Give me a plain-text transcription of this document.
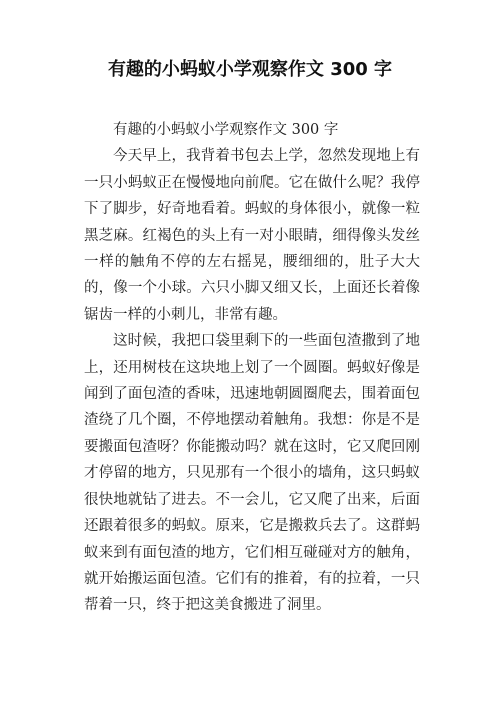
有趣的小蚂蚁小学观察作文 300 字

有趣的小蚂蚁小学观察作文 300 字

今天早上，我背着书包去上学，忽然发现地上有一只小蚂蚁正在慢慢地向前爬。它在做什么呢？我停下了脚步，好奇地看着。蚂蚁的身体很小，就像一粒黑芝麻。红褐色的头上有一对小眼睛，细得像头发丝一样的触角不停的左右摇晃，腰细细的，肚子大大的，像一个小球。六只小脚又细又长，上面还长着像锯齿一样的小刺儿，非常有趣。

这时候，我把口袋里剩下的一些面包渣撒到了地上，还用树枝在这块地上划了一个圆圈。蚂蚁好像是闻到了面包渣的香味，迅速地朝圆圈爬去，围着面包渣绕了几个圈，不停地摆动着触角。我想：你是不是要搬面包渣呀？你能搬动吗？就在这时，它又爬回刚才停留的地方，只见那有一个很小的墙角，这只蚂蚁很快地就钻了进去。不一会儿，它又爬了出来，后面还跟着很多的蚂蚁。原来，它是搬救兵去了。这群蚂蚁来到有面包渣的地方，它们相互碰碰对方的触角，就开始搬运面包渣。它们有的推着，有的拉着，一只帮着一只，终于把这美食搬进了洞里。
